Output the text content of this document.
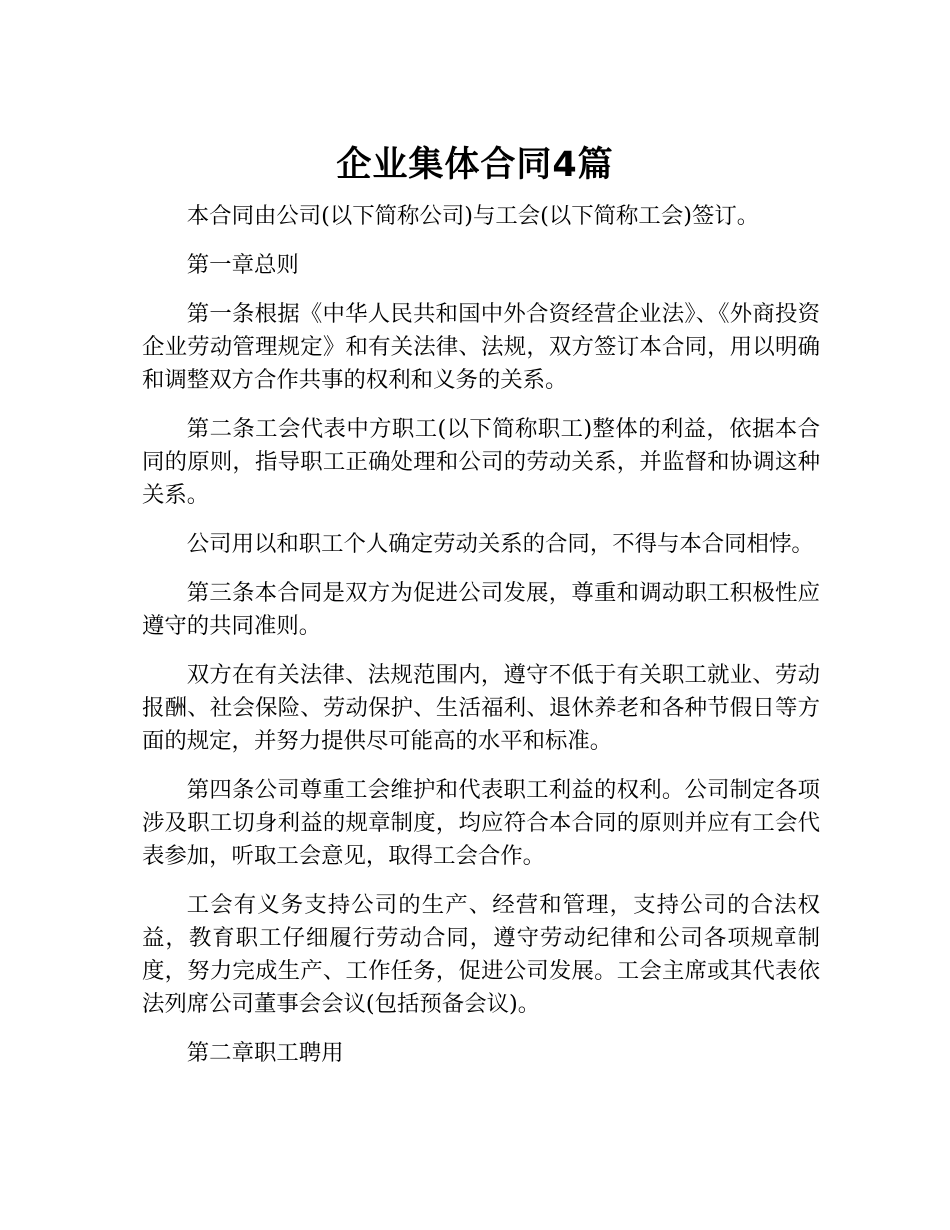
企业集体合同4篇

本合同由公司(以下简称公司)与工会(以下简称工会)签订。

第一章总则

第一条根据《中华人民共和国中外合资经营企业法》、《外商投资企业劳动管理规定》和有关法律、法规，双方签订本合同，用以明确和调整双方合作共事的权利和义务的关系。

第二条工会代表中方职工(以下简称职工)整体的利益，依据本合同的原则，指导职工正确处理和公司的劳动关系，并监督和协调这种关系。

公司用以和职工个人确定劳动关系的合同，不得与本合同相悖。

第三条本合同是双方为促进公司发展，尊重和调动职工积极性应遵守的共同准则。

双方在有关法律、法规范围内，遵守不低于有关职工就业、劳动报酬、社会保险、劳动保护、生活福利、退休养老和各种节假日等方面的规定，并努力提供尽可能高的水平和标准。

第四条公司尊重工会维护和代表职工利益的权利。公司制定各项涉及职工切身利益的规章制度，均应符合本合同的原则并应有工会代表参加，听取工会意见，取得工会合作。

工会有义务支持公司的生产、经营和管理，支持公司的合法权益，教育职工仔细履行劳动合同，遵守劳动纪律和公司各项规章制度，努力完成生产、工作任务，促进公司发展。工会主席或其代表依法列席公司董事会会议(包括预备会议)。

第二章职工聘用
